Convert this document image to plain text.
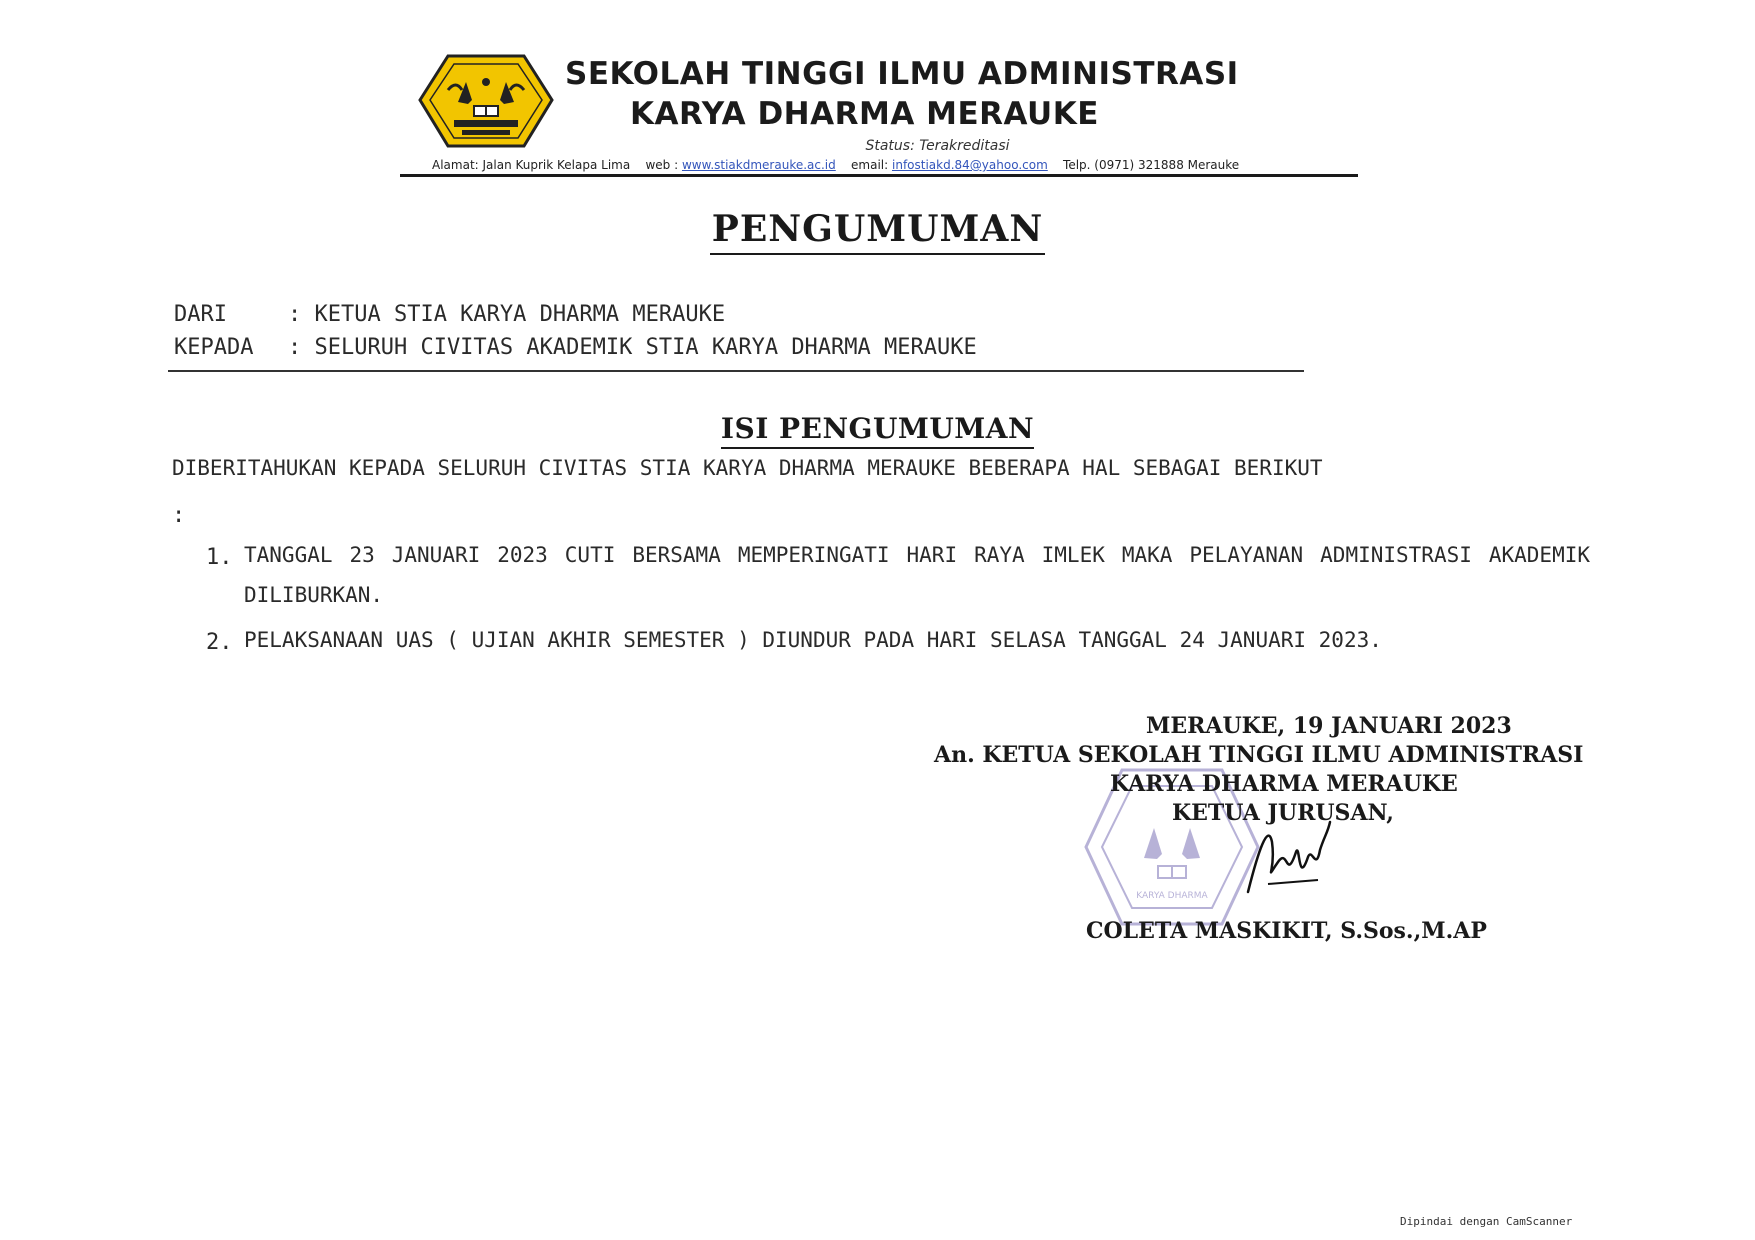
SEKOLAH TINGGI ILMU ADMINISTRASI
KARYA DHARMA MERAUKE
Status: Terakreditasi
Alamat: Jalan Kuprik Kelapa Lima web : www.stiakdmerauke.ac.id email: infostiakd.84@yahoo.com Telp. (0971) 321888 Merauke
PENGUMUMAN
DARI	: KETUA STIA KARYA DHARMA MERAUKE
KEPADA : SELURUH CIVITAS AKADEMIK STIA KARYA DHARMA MERAUKE
ISI PENGUMUMAN
DIBERITAHUKAN KEPADA SELURUH CIVITAS STIA KARYA DHARMA MERAUKE BEBERAPA HAL SEBAGAI BERIKUT
:
1. TANGGAL 23 JANUARI 2023 CUTI BERSAMA MEMPERINGATI HARI RAYA IMLEK MAKA PELAYANAN ADMINISTRASI AKADEMIK DILIBURKAN.
2. PELAKSANAAN UAS ( UJIAN AKHIR SEMESTER ) DIUNDUR PADA HARI SELASA TANGGAL 24 JANUARI 2023.
KARYA DHARMA
MERAUKE, 19 JANUARI 2023
An. KETUA SEKOLAH TINGGI ILMU ADMINISTRASI
KARYA DHARMA MERAUKE
KETUA JURUSAN,
COLETA MASKIKIT, S.Sos.,M.AP
Dipindai dengan CamScanner
